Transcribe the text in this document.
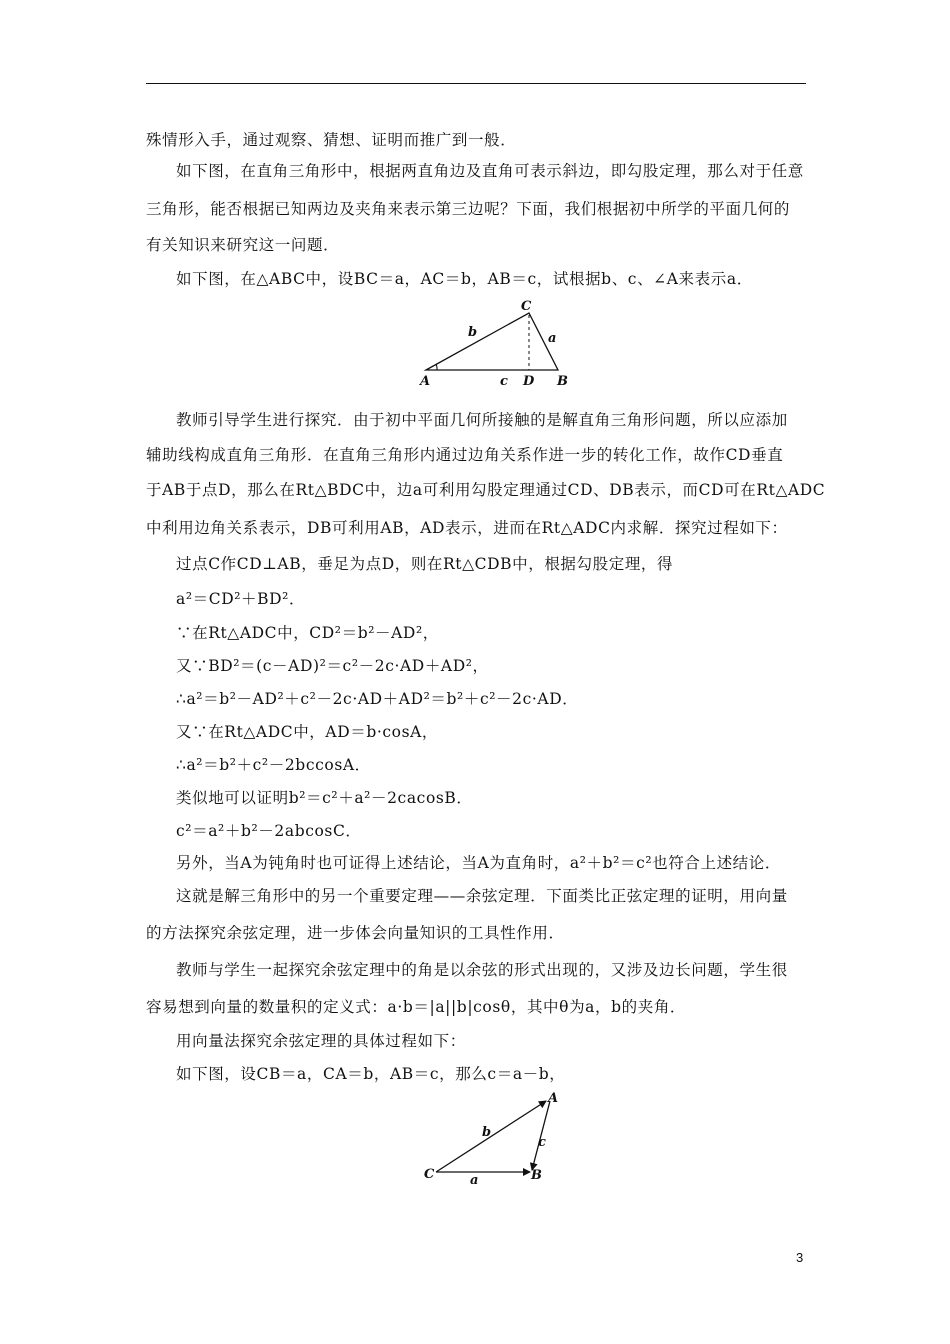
殊情形入手，通过观察、猜想、证明而推广到一般．
如下图，在直角三角形中，根据两直角边及直角可表示斜边，即勾股定理，那么对于任意
三角形，能否根据已知两边及夹角来表示第三边呢？下面，我们根据初中所学的平面几何的
有关知识来研究这一问题．
如下图，在△ABC中，设BC＝a，AC＝b，AB＝c，试根据b、c、∠A来表示a．
C
b	a
A	c D B
教师引导学生进行探究．由于初中平面几何所接触的是解直角三角形问题，所以应添加
辅助线构成直角三角形．在直角三角形内通过边角关系作进一步的转化工作，故作CD垂直
于AB于点D，那么在Rt△BDC中，边a可利用勾股定理通过CD、DB表示，而CD可在Rt△ADC
中利用边角关系表示，DB可利用AB，AD表示，进而在Rt△ADC内求解．探究过程如下：
过点C作CD⊥AB，垂足为点D，则在Rt△CDB中，根据勾股定理，得
a²＝CD²＋BD²．
∵在Rt△ADC中，CD²＝b²－AD²，
又∵BD²＝(c－AD)²＝c²－2c·AD＋AD²，
∴a²＝b²－AD²＋c²－2c·AD＋AD²＝b²＋c²－2c·AD．
又∵在Rt△ADC中，AD＝b·cosA，
∴a²＝b²＋c²－2bccosA．
类似地可以证明b²＝c²＋a²－2cacosB．
c²＝a²＋b²－2abcosC．
另外，当A为钝角时也可证得上述结论，当A为直角时，a²＋b²＝c²也符合上述结论．
这就是解三角形中的另一个重要定理——余弦定理．下面类比正弦定理的证明，用向量
的方法探究余弦定理，进一步体会向量知识的工具性作用．
教师与学生一起探究余弦定理中的角是以余弦的形式出现的，又涉及边长问题，学生很
容易想到向量的数量积的定义式：a·b＝|a||b|cosθ，其中θ为a，b的夹角．
用向量法探究余弦定理的具体过程如下：
如下图，设CB＝a，CA＝b，AB＝c，那么c＝a－b，
A
b
c
C	a	B
3
